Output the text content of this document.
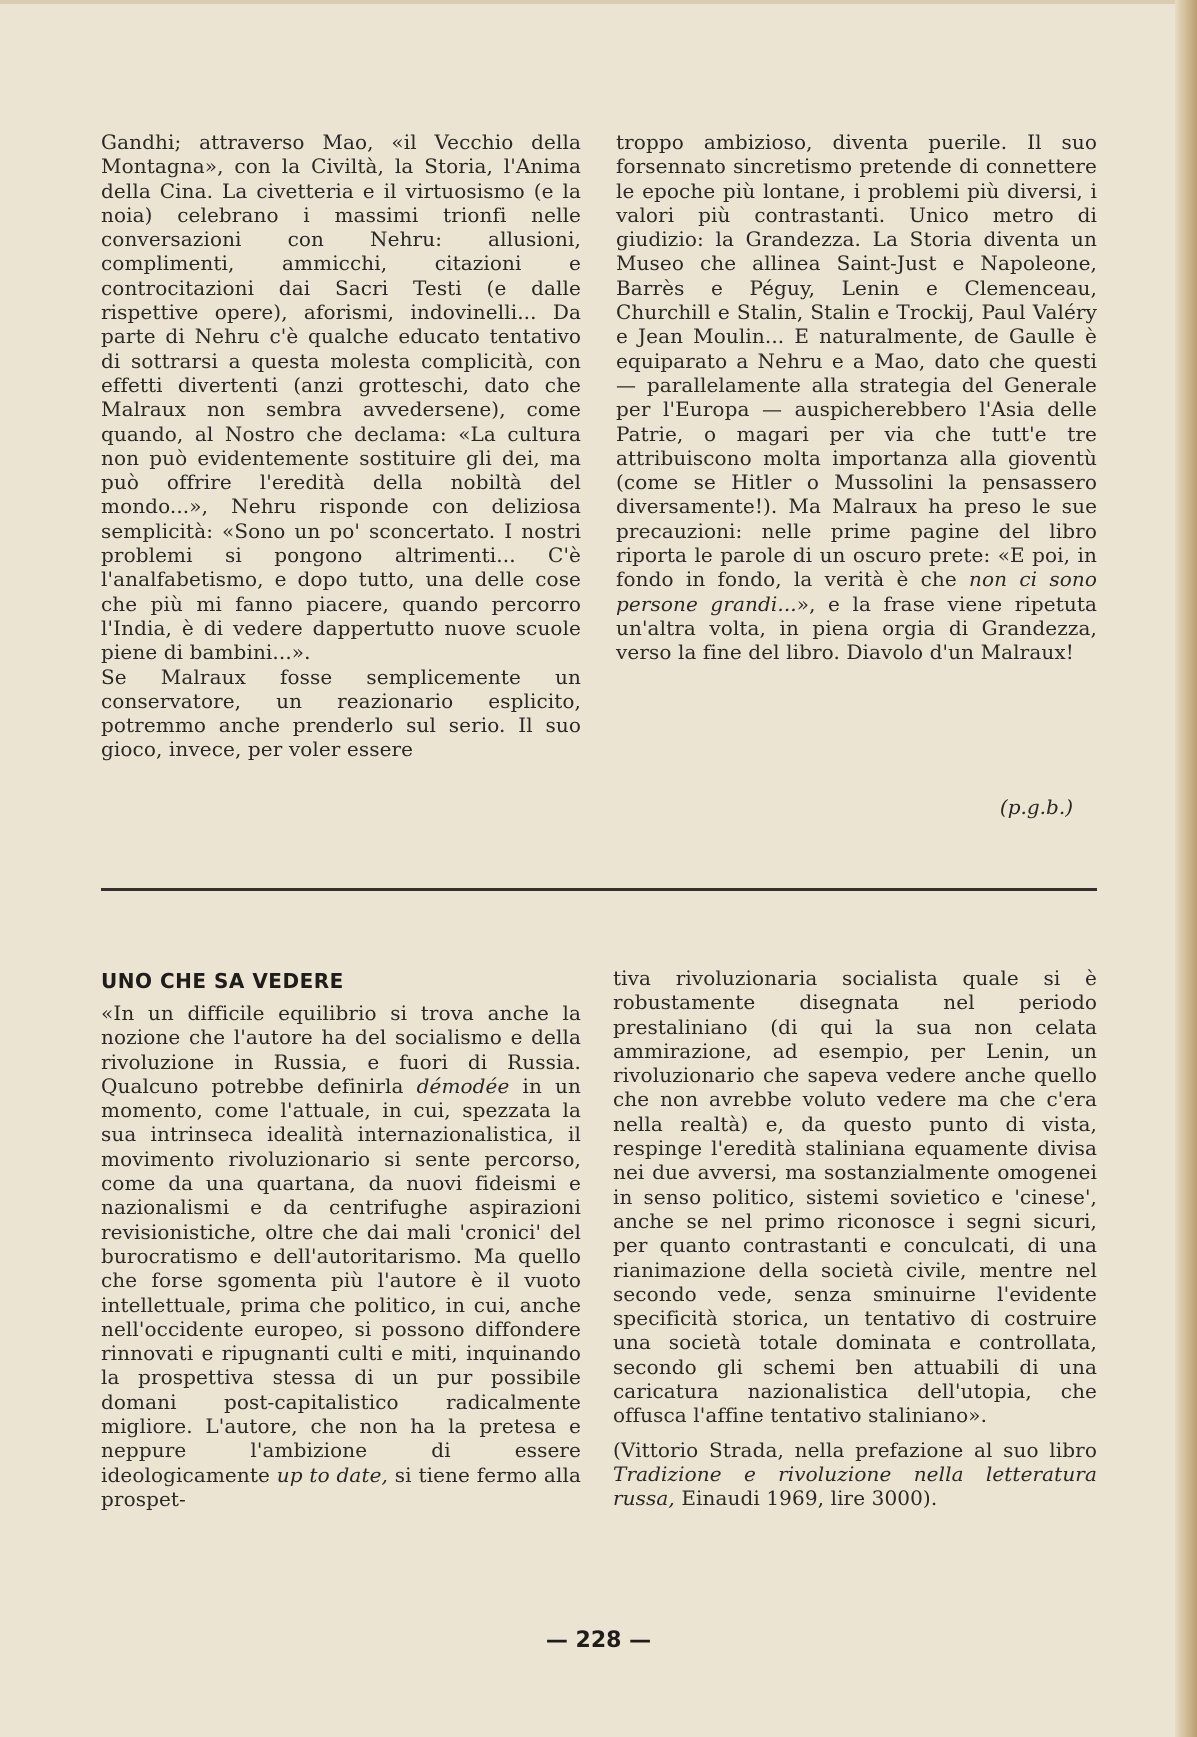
Gandhi; attraverso Mao, «il Vecchio della Montagna», con la Civiltà, la Storia, l'Anima della Cina. La civetteria e il virtuosismo (e la noia) celebrano i massimi trionfi nelle conversazioni con Nehru: allusioni, complimenti, ammicchi, citazioni e controcitazioni dai Sacri Testi (e dalle rispettive opere), aforismi, indovinelli... Da parte di Nehru c'è qualche educato tentativo di sottrarsi a questa molesta complicità, con effetti divertenti (anzi grotteschi, dato che Malraux non sembra avvedersene), come quando, al Nostro che declama: «La cultura non può evidentemente sostituire gli dei, ma può offrire l'eredità della nobiltà del mondo...», Nehru risponde con deliziosa semplicità: «Sono un po' sconcertato. I nostri problemi si pongono altrimenti... C'è l'analfabetismo, e dopo tutto, una delle cose che più mi fanno piacere, quando percorro l'India, è di vedere dappertutto nuove scuole piene di bambini...».

Se Malraux fosse semplicemente un conservatore, un reazionario esplicito, potremmo anche prenderlo sul serio. Il suo gioco, invece, per voler essere

troppo ambizioso, diventa puerile. Il suo forsennato sincretismo pretende di connettere le epoche più lontane, i problemi più diversi, i valori più contrastanti. Unico metro di giudizio: la Grandezza. La Storia diventa un Museo che allinea Saint-Just e Napoleone, Barrès e Péguy, Lenin e Clemenceau, Churchill e Stalin, Stalin e Trockij, Paul Valéry e Jean Moulin... E naturalmente, de Gaulle è equiparato a Nehru e a Mao, dato che questi — parallelamente alla strategia del Generale per l'Europa — auspicherebbero l'Asia delle Patrie, o magari per via che tutt'e tre attribuiscono molta importanza alla gioventù (come se Hitler o Mussolini la pensassero diversamente!). Ma Malraux ha preso le sue precauzioni: nelle prime pagine del libro riporta le parole di un oscuro prete: «E poi, in fondo in fondo, la verità è che non ci sono persone grandi...», e la frase viene ripetuta un'altra volta, in piena orgia di Grandezza, verso la fine del libro. Diavolo d'un Malraux!

(p.g.b.)
UNO CHE SA VEDERE

«In un difficile equilibrio si trova anche la nozione che l'autore ha del socialismo e della rivoluzione in Russia, e fuori di Russia. Qualcuno potrebbe definirla démodée in un momento, come l'attuale, in cui, spezzata la sua intrinseca idealità internazionalistica, il movimento rivoluzionario si sente percorso, come da una quartana, da nuovi fideismi e nazionalismi e da centrifughe aspirazioni revisionistiche, oltre che dai mali 'cronici' del burocratismo e dell'autoritarismo. Ma quello che forse sgomenta più l'autore è il vuoto intellettuale, prima che politico, in cui, anche nell'occidente europeo, si possono diffondere rinnovati e ripugnanti culti e miti, inquinando la prospettiva stessa di un pur possibile domani post-capitalistico radicalmente migliore. L'autore, che non ha la pretesa e neppure l'ambizione di essere ideologicamente up to date, si tiene fermo alla prospet-

tiva rivoluzionaria socialista quale si è robustamente disegnata nel periodo prestaliniano (di qui la sua non celata ammirazione, ad esempio, per Lenin, un rivoluzionario che sapeva vedere anche quello che non avrebbe voluto vedere ma che c'era nella realtà) e, da questo punto di vista, respinge l'eredità staliniana equamente divisa nei due avversi, ma sostanzialmente omogenei in senso politico, sistemi sovietico e 'cinese', anche se nel primo riconosce i segni sicuri, per quanto contrastanti e conculcati, di una rianimazione della società civile, mentre nel secondo vede, senza sminuirne l'evidente specificità storica, un tentativo di costruire una società totale dominata e controllata, secondo gli schemi ben attuabili di una caricatura nazionalistica dell'utopia, che offusca l'affine tentativo staliniano».

(Vittorio Strada, nella prefazione al suo libro Tradizione e rivoluzione nella letteratura russa, Einaudi 1969, lire 3000).

— 228 —
